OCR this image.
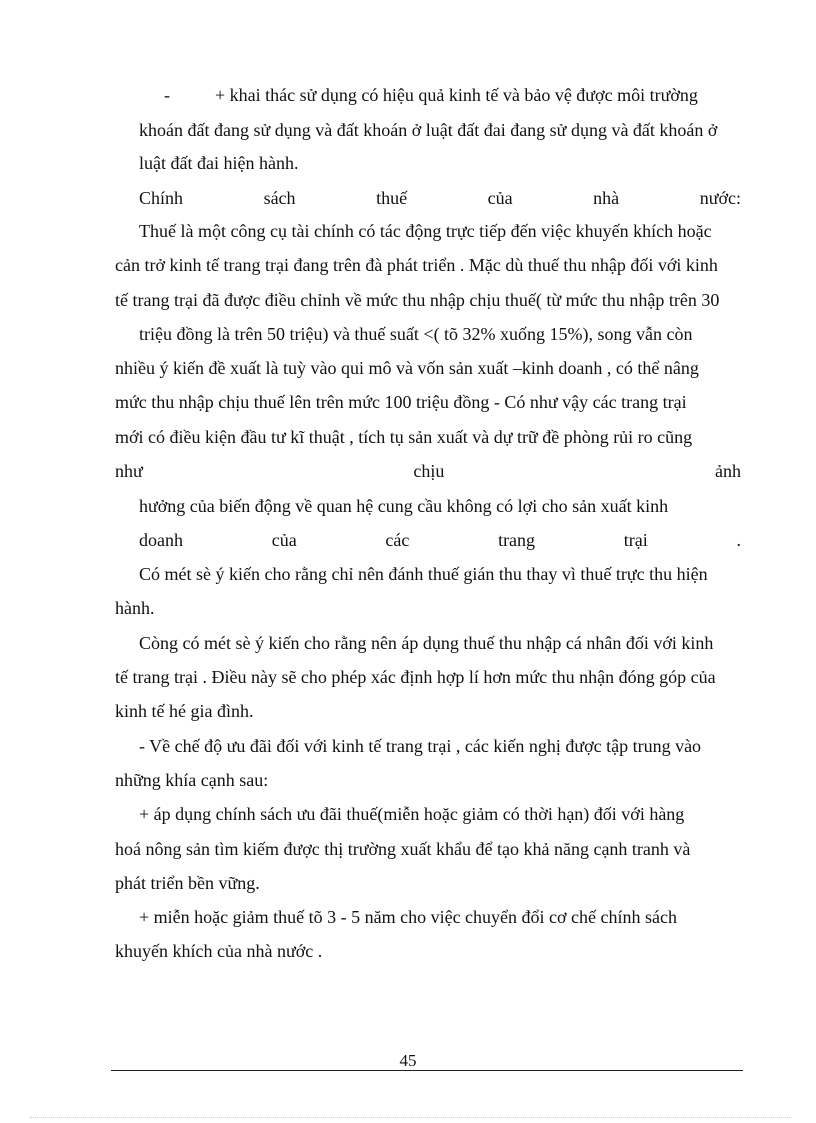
-          + khai thác sử dụng có hiệu quả kinh tế và bảo vệ được môi trường
khoán đất đang sử dụng và đất khoán ở luật đất đai đang sử dụng và đất khoán ở
luật đất đai hiện hành.
Chính	sách	thuế	của	nhà	nước:
Thuế là một công cụ tài chính có tác động trực tiếp đến việc khuyến khích hoặc
cản trở kinh tế trang trại đang trên đà phát triển . Mặc dù thuế thu nhập đối với kinh
tế trang trại đã được điều chỉnh về mức thu nhập chịu thuế( từ mức thu nhập trên 30
triệu đồng là trên 50 triệu) và thuế suất <( tõ 32% xuống 15%), song vẫn còn
nhiều ý kiến đề xuất là tuỳ vào qui mô và vốn sản xuất –kinh doanh , có thể nâng
mức thu nhập chịu thuế lên trên mức 100 triệu đồng - Có như vậy các trang trại
mới có điều kiện đầu tư kĩ thuật , tích tụ sản xuất và dự trữ đề phòng rủi ro cũng
như	chịu	ảnh
hưởng của biến động về quan hệ cung cầu không có lợi cho sản xuất kinh
doanh	của	các	trang	trại	.
Có mét sè ý kiến cho rằng chỉ nên đánh thuế gián thu thay vì thuế trực thu hiện
hành.
Còng có mét sè ý kiến cho rằng nên áp dụng thuế thu nhập cá nhân đối với kinh
tế trang trại . Điều này sẽ cho phép xác định hợp lí hơn mức thu nhận đóng góp của
kinh tế hé gia đình.
- Về chế độ ưu đãi đối với kinh tế trang trại , các kiến nghị được tập trung vào
những khía cạnh sau:
+ áp dụng chính sách ưu đãi thuế(miễn hoặc giảm có thời hạn) đối với hàng
hoá nông sản tìm kiếm được thị trường xuất khẩu để tạo khả năng cạnh tranh và
phát triển bền vững.
+ miễn hoặc giảm thuế tõ 3 - 5 năm cho việc chuyển đổi cơ chế chính sách
khuyến khích của nhà nước .
45
